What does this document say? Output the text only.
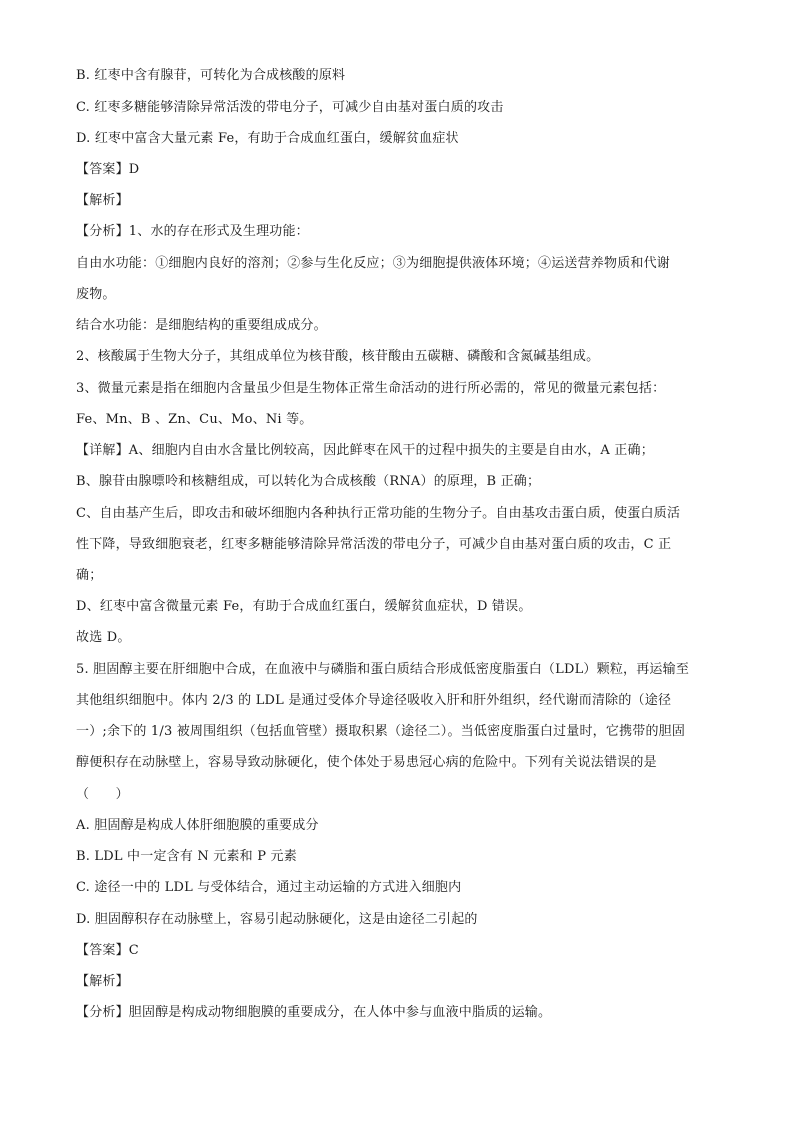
B. 红枣中含有腺苷，可转化为合成核酸的原料
C. 红枣多糖能够清除异常活泼的带电分子，可减少自由基对蛋白质的攻击
D. 红枣中富含大量元素 Fe，有助于合成血红蛋白，缓解贫血症状
【答案】D
【解析】
【分析】1、水的存在形式及生理功能：
自由水功能：①细胞内良好的溶剂；②参与生化反应；③为细胞提供液体环境；④运送营养物质和代谢
废物。
结合水功能：是细胞结构的重要组成成分。
2、核酸属于生物大分子，其组成单位为核苷酸，核苷酸由五碳糖、磷酸和含氮碱基组成。
3、微量元素是指在细胞内含量虽少但是生物体正常生命活动的进行所必需的，常见的微量元素包括：
Fe、Mn、B 、Zn、Cu、Mo、Ni 等。
【详解】A、细胞内自由水含量比例较高，因此鲜枣在风干的过程中损失的主要是自由水，A 正确；
B、腺苷由腺嘌呤和核糖组成，可以转化为合成核酸（RNA）的原理，B 正确；
C、自由基产生后，即攻击和破坏细胞内各种执行正常功能的生物分子。自由基攻击蛋白质，使蛋白质活
性下降，导致细胞衰老，红枣多糖能够清除异常活泼的带电分子，可减少自由基对蛋白质的攻击，C 正
确；
D、红枣中富含微量元素 Fe，有助于合成血红蛋白，缓解贫血症状，D 错误。
故选 D。
5. 胆固醇主要在肝细胞中合成，在血液中与磷脂和蛋白质结合形成低密度脂蛋白（LDL）颗粒，再运输至
其他组织细胞中。体内 2/3 的 LDL 是通过受体介导途径吸收入肝和肝外组织，经代谢而清除的（途径
一）;余下的 1/3 被周围组织（包括血管壁）摄取积累（途径二）。当低密度脂蛋白过量时，它携带的胆固
醇便积存在动脉壁上，容易导致动脉硬化，使个体处于易患冠心病的危险中。下列有关说法错误的是
（　　）
A. 胆固醇是构成人体肝细胞膜的重要成分
B. LDL 中一定含有 N 元素和 P 元素
C. 途径一中的 LDL 与受体结合，通过主动运输的方式进入细胞内
D. 胆固醇积存在动脉壁上，容易引起动脉硬化，这是由途径二引起的
【答案】C
【解析】
【分析】胆固醇是构成动物细胞膜的重要成分，在人体中参与血液中脂质的运输。
